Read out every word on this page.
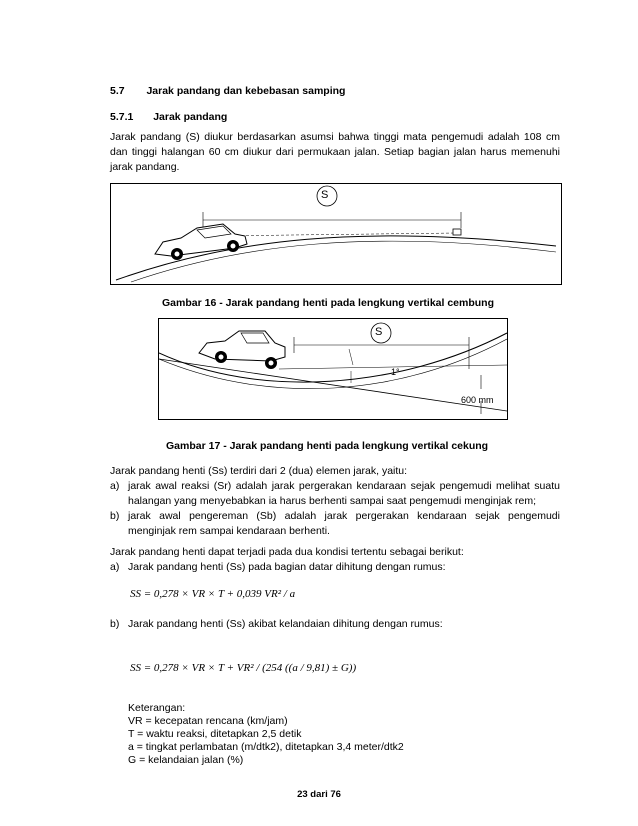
5.7 Jarak pandang dan kebebasan samping
5.7.1 Jarak pandang
Jarak pandang (S) diukur berdasarkan asumsi bahwa tinggi mata pengemudi adalah 108 cm dan tinggi halangan 60 cm diukur dari permukaan jalan. Setiap bagian jalan harus memenuhi jarak pandang.
S
Gambar 16 - Jarak pandang henti pada lengkung vertikal cembung
S
1°
600 mm
Gambar 17 - Jarak pandang henti pada lengkung vertikal cekung
Jarak pandang henti (Ss) terdiri dari 2 (dua) elemen jarak, yaitu:
a) jarak awal reaksi (Sr) adalah jarak pergerakan kendaraan sejak pengemudi melihat suatu halangan yang menyebabkan ia harus berhenti sampai saat pengemudi menginjak rem;
b) jarak awal pengereman (Sb) adalah jarak pergerakan kendaraan sejak pengemudi menginjak rem sampai kendaraan berhenti.
Jarak pandang henti dapat terjadi pada dua kondisi tertentu sebagai berikut:
a) Jarak pandang henti (Ss) pada bagian datar dihitung dengan rumus:
SS = 0,278 × VR × T + 0,039 VR² / a
b) Jarak pandang henti (Ss) akibat kelandaian dihitung dengan rumus:
SS = 0,278 × VR × T + VR² / (254 ((a / 9,81) ± G))
Keterangan:
VR = kecepatan rencana (km/jam)
T = waktu reaksi, ditetapkan 2,5 detik
a = tingkat perlambatan (m/dtk2), ditetapkan 3,4 meter/dtk2
G = kelandaian jalan (%)
23 dari 76
